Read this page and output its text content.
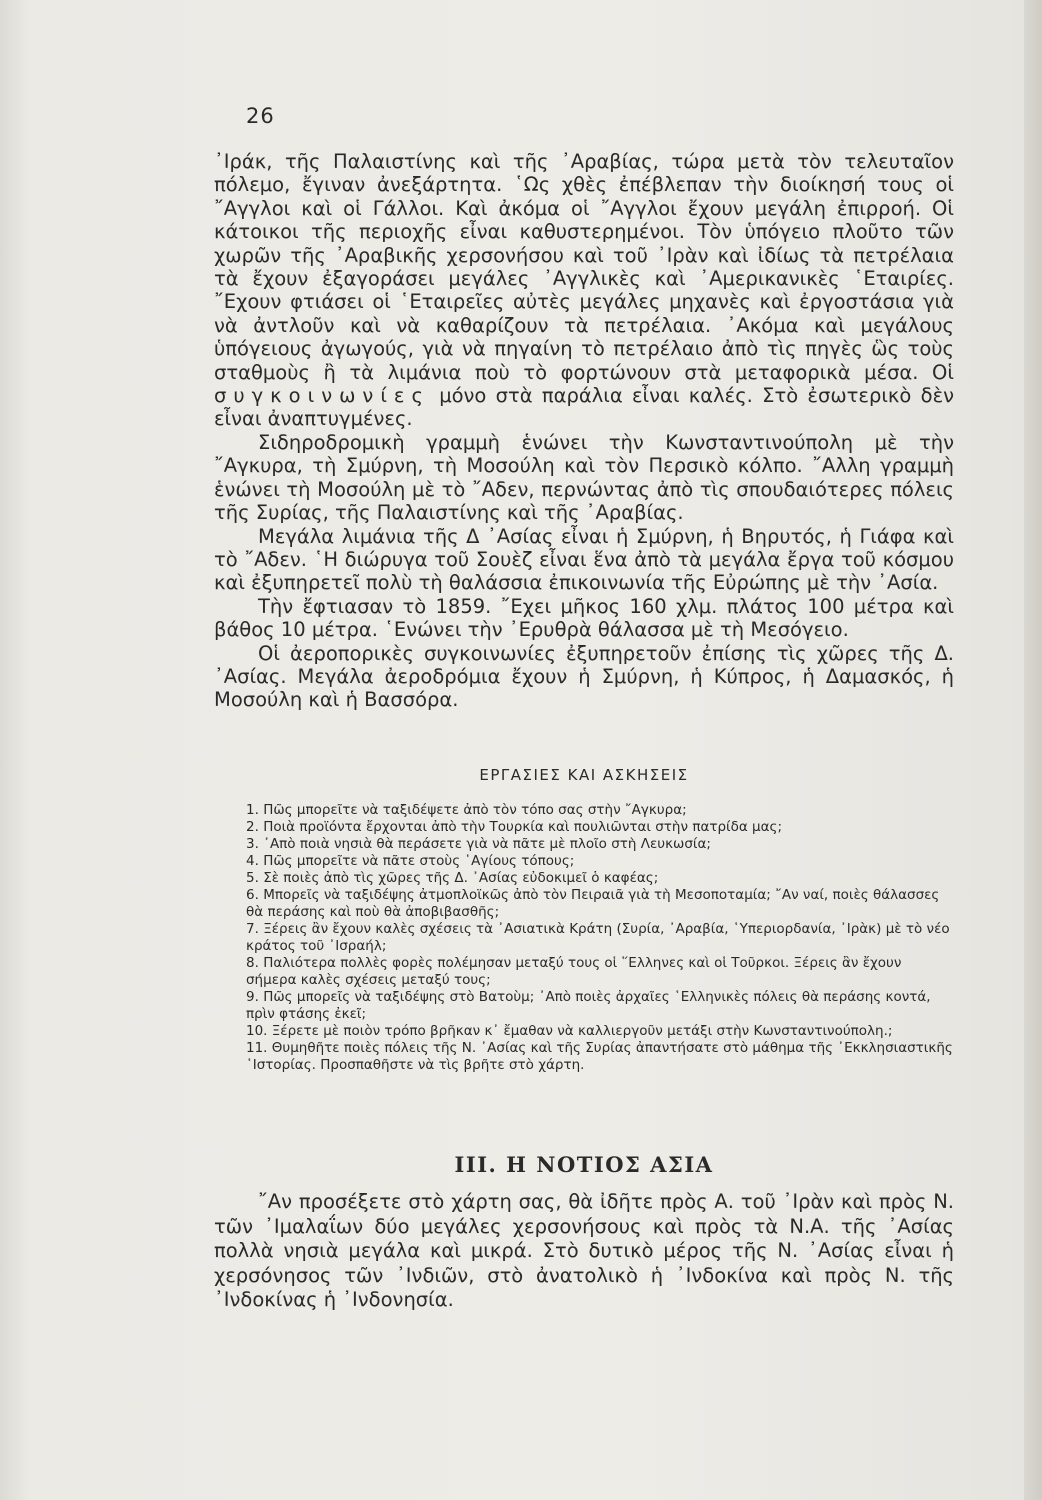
26

᾿Ιράκ, τῆς Παλαιστίνης καὶ τῆς ᾿Αραβίας, τώρα μετὰ τὸν τελευταῖον πόλεμο, ἔγιναν ἀνεξάρτητα. ῾Ως χθὲς ἐπέβλεπαν τὴν διοίκησή τους οἱ ῎Αγγλοι καὶ οἱ Γάλλοι. Καὶ ἀκόμα οἱ ῎Αγγλοι ἔχουν μεγάλη ἐπιρροή. Οἱ κάτοικοι τῆς περιοχῆς εἶναι καθυστερημένοι. Τὸν ὑπόγειο πλοῦτο τῶν χωρῶν τῆς ᾿Αραβικῆς χερσονήσου καὶ τοῦ ᾿Ιρὰν καὶ ἰδίως τὰ πετρέλαια τὰ ἔχουν ἐξαγοράσει μεγάλες ᾿Αγγλικὲς καὶ ᾿Αμερικανικὲς ῾Εταιρίες. ῎Εχουν φτιάσει οἱ ῾Εταιρεῖες αὐτὲς μεγάλες μηχανὲς καὶ ἐργοστάσια γιὰ νὰ ἀντλοῦν καὶ νὰ καθαρίζουν τὰ πετρέλαια. ᾿Ακόμα καὶ μεγάλους ὑπόγειους ἀγωγούς, γιὰ νὰ πηγαίνη τὸ πετρέλαιο ἀπὸ τὶς πηγὲς ὣς τοὺς σταθμοὺς ἢ τὰ λιμάνια ποὺ τὸ φορτώνουν στὰ μεταφορικὰ μέσα. Οἱ συγκοινωνίες μόνο στὰ παράλια εἶναι καλές. Στὸ ἐσωτερικὸ δὲν εἶναι ἀναπτυγμένες.

Σιδηροδρομικὴ γραμμὴ ἑνώνει τὴν Κωνσταντινούπολη μὲ τὴν ῎Αγκυρα, τὴ Σμύρνη, τὴ Μοσούλη καὶ τὸν Περσικὸ κόλπο. ῎Αλλη γραμμὴ ἑνώνει τὴ Μοσούλη μὲ τὸ ῎Αδεν, περνώντας ἀπὸ τὶς σπουδαιότερες πόλεις τῆς Συρίας, τῆς Παλαιστίνης καὶ τῆς ᾿Αραβίας.

Μεγάλα λιμάνια τῆς Δ ᾿Ασίας εἶναι ἡ Σμύρνη, ἡ Βηρυτός, ἡ Γιάφα καὶ τὸ ῎Αδεν. ῾Η διώρυγα τοῦ Σουὲζ εἶναι ἕνα ἀπὸ τὰ μεγάλα ἔργα τοῦ κόσμου καὶ ἐξυπηρετεῖ πολὺ τὴ θαλάσσια ἐπικοινωνία τῆς Εὐρώπης μὲ τὴν ᾿Ασία.

Τὴν ἔφτιασαν τὸ 1859. ῎Εχει μῆκος 160 χλμ. πλάτος 100 μέτρα καὶ βάθος 10 μέτρα. ῾Ενώνει τὴν ᾿Ερυθρὰ θάλασσα μὲ τὴ Μεσόγειο.

Οἱ ἀεροπορικὲς συγκοινωνίες ἐξυπηρετοῦν ἐπίσης τὶς χῶρες τῆς Δ. ᾿Ασίας. Μεγάλα ἀεροδρόμια ἔχουν ἡ Σμύρνη, ἡ Κύπρος, ἡ Δαμασκός, ἡ Μοσούλη καὶ ἡ Βασσόρα.

ΕΡΓΑΣΙΕΣ ΚΑΙ ΑΣΚΗΣΕΙΣ
1. Πῶς μπορεῖτε νὰ ταξιδέψετε ἀπὸ τὸν τόπο σας στὴν ῎Αγκυρα;
2. Ποιὰ προϊόντα ἔρχονται ἀπὸ τὴν Τουρκία καὶ πουλιῶνται στὴν πατρίδα μας;
3. ᾿Απὸ ποιὰ νησιὰ θὰ περάσετε γιὰ νὰ πᾶτε μὲ πλοῖο στὴ Λευκωσία;
4. Πῶς μπορεῖτε νὰ πᾶτε στοὺς ῾Αγίους τόπους;
5. Σὲ ποιὲς ἀπὸ τὶς χῶρες τῆς Δ. ᾿Ασίας εὐδοκιμεῖ ὁ καφέας;
6. Μπορεῖς νὰ ταξιδέψης ἀτμοπλοϊκῶς ἀπὸ τὸν Πειραιᾶ γιὰ τὴ Μεσοποταμία; ῎Αν ναί, ποιὲς θάλασσες θὰ περάσης καὶ ποὺ θὰ ἀποβιβασθῆς;
7. Ξέρεις ἂν ἔχουν καλὲς σχέσεις τὰ ᾿Ασιατικὰ Κράτη (Συρία, ᾿Αραβία, ῾Υπεριορδανία, ᾿Ιρὰκ) μὲ τὸ νέο κράτος τοῦ ᾿Ισραήλ;
8. Παλιότερα πολλὲς φορὲς πολέμησαν μεταξύ τους οἱ ῞Ελληνες καὶ οἱ Τοῦρκοι. Ξέρεις ἂν ἔχουν σήμερα καλὲς σχέσεις μεταξύ τους;
9. Πῶς μπορεῖς νὰ ταξιδέψης στὸ Βατοὺμ; ᾿Απὸ ποιὲς ἀρχαῖες ῾Ελληνικὲς πόλεις θὰ περάσης κοντά, πρὶν φτάσης ἐκεῖ;
10. Ξέρετε μὲ ποιὸν τρόπο βρῆκαν κ᾿ ἔμαθαν νὰ καλλιεργοῦν μετάξι στὴν Κωνσταντινούπολη.;
11. Θυμηθῆτε ποιὲς πόλεις τῆς Ν. ᾿Ασίας καὶ τῆς Συρίας ἀπαντήσατε στὸ μάθημα τῆς ᾿Εκκλησιαστικῆς ῾Ιστορίας. Προσπαθῆστε νὰ τὶς βρῆτε στὸ χάρτη.
ΙΙΙ. Η ΝΟΤΙΟΣ ΑΣΙΑ

῎Αν προσέξετε στὸ χάρτη σας, θὰ ἰδῆτε πρὸς Α. τοῦ ᾿Ιρὰν καὶ πρὸς Ν. τῶν ᾿Ιμαλαΐων δύο μεγάλες χερσονήσους καὶ πρὸς τὰ Ν.Α. τῆς ᾿Ασίας πολλὰ νησιὰ μεγάλα καὶ μικρά. Στὸ δυτικὸ μέρος τῆς Ν. ᾿Ασίας εἶναι ἡ χερσόνησος τῶν ᾿Ινδιῶν, στὸ ἀνατολικὸ ἡ ᾿Ινδοκίνα καὶ πρὸς Ν. τῆς ᾿Ινδοκίνας ἡ ᾿Ινδονησία.
